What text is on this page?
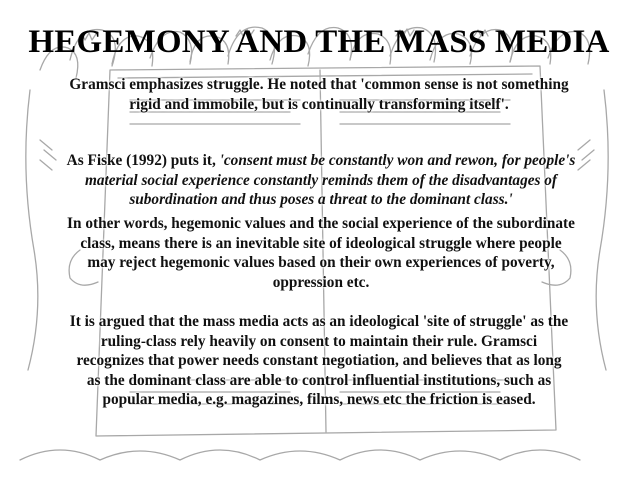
HEGEMONY AND THE MASS MEDIA
Gramsci emphasizes struggle. He noted that 'common sense is not something
rigid and immobile, but is continually transforming itself'.
As Fiske (1992) puts it, 'consent must be constantly won and rewon, for people's
material social experience constantly reminds them of the disadvantages of
subordination and thus poses a threat to the dominant class.'
In other words, hegemonic values and the social experience of the subordinate
class, means there is an inevitable site of ideological struggle where people
may reject hegemonic values based on their own experiences of poverty,
oppression etc.
It is argued that the mass media acts as an ideological 'site of struggle' as the
ruling-class rely heavily on consent to maintain their rule. Gramsci
recognizes that power needs constant negotiation, and believes that as long
as the dominant class are able to control influential institutions, such as
popular media, e.g. magazines, films, news etc the friction is eased.
